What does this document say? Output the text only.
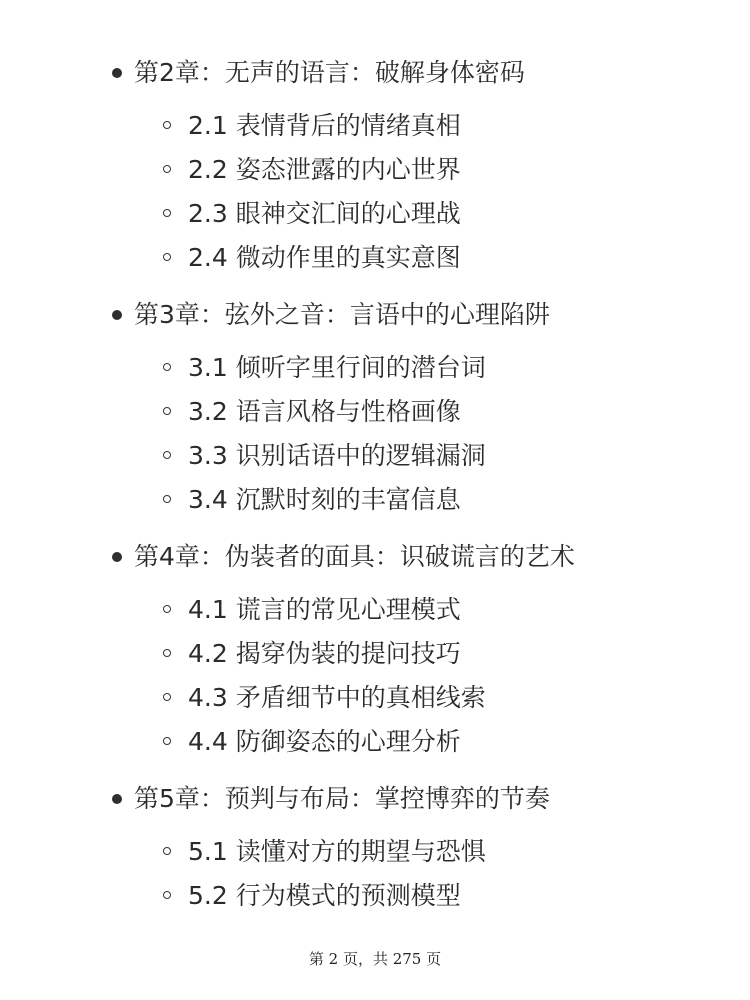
第2章：无声的语言：破解身体密码
2.1 表情背后的情绪真相
2.2 姿态泄露的内心世界
2.3 眼神交汇间的心理战
2.4 微动作里的真实意图
第3章：弦外之音：言语中的心理陷阱
3.1 倾听字里行间的潜台词
3.2 语言风格与性格画像
3.3 识别话语中的逻辑漏洞
3.4 沉默时刻的丰富信息
第4章：伪装者的面具：识破谎言的艺术
4.1 谎言的常见心理模式
4.2 揭穿伪装的提问技巧
4.3 矛盾细节中的真相线索
4.4 防御姿态的心理分析
第5章：预判与布局：掌控博弈的节奏
5.1 读懂对方的期望与恐惧
5.2 行为模式的预测模型
第 2 页，共 275 页
